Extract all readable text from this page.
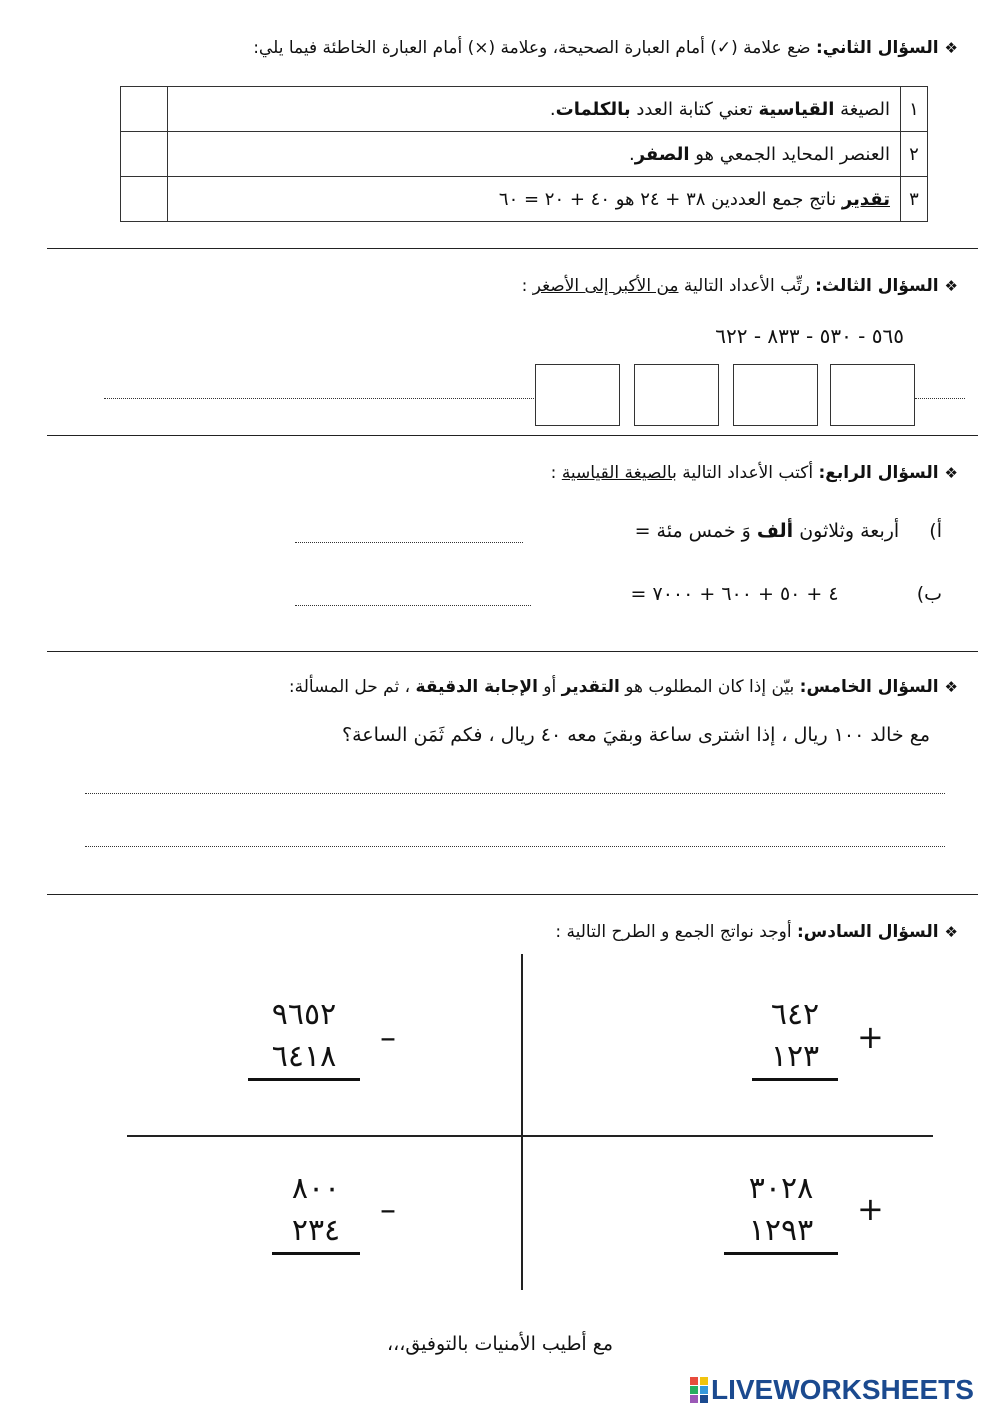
❖السؤال الثاني: ضع علامة (✓) أمام العبارة الصحيحة، وعلامة (×) أمام العبارة الخاطئة فيما يلي:
١	الصيغة القياسية تعني كتابة العدد بالكلمات.	
٢	العنصر المحايد الجمعي هو الصفر.	
٣	تقدير ناتج جمع العددين ٣٨ + ٢٤ هو ٤٠ + ٢٠ = ٦٠	
❖السؤال الثالث: رتِّب الأعداد التالية من الأكبر إلى الأصغر :
٥٦٥ - ٥٣٠ - ٨٣٣ - ٦٢٢
❖السؤال الرابع: أكتب الأعداد التالية بالصيغة القياسية :
أ)  أربعة وثلاثون ألف وَ خمس مئة =
ب)  ٤ + ٥٠ + ٦٠٠ + ٧٠٠٠ =
❖السؤال الخامس: بيّن إذا كان المطلوب هو التقدير أو الإجابة الدقيقة ، ثم حل المسألة:
مع خالد ١٠٠ ريال ، إذا اشترى ساعة وبقيَ معه ٤٠ ريال ، فكم ثَمَن الساعة؟
❖السؤال السادس: أوجد نواتج الجمع و الطرح التالية :
+
٦٤٢
١٢٣
–
٩٦٥٢
٦٤١٨
+
٣٠٢٨
١٢٩٣
–
٨٠٠
٢٣٤
مع أطيب الأمنيات بالتوفيق،،،
LIVEWORKSHEETS
